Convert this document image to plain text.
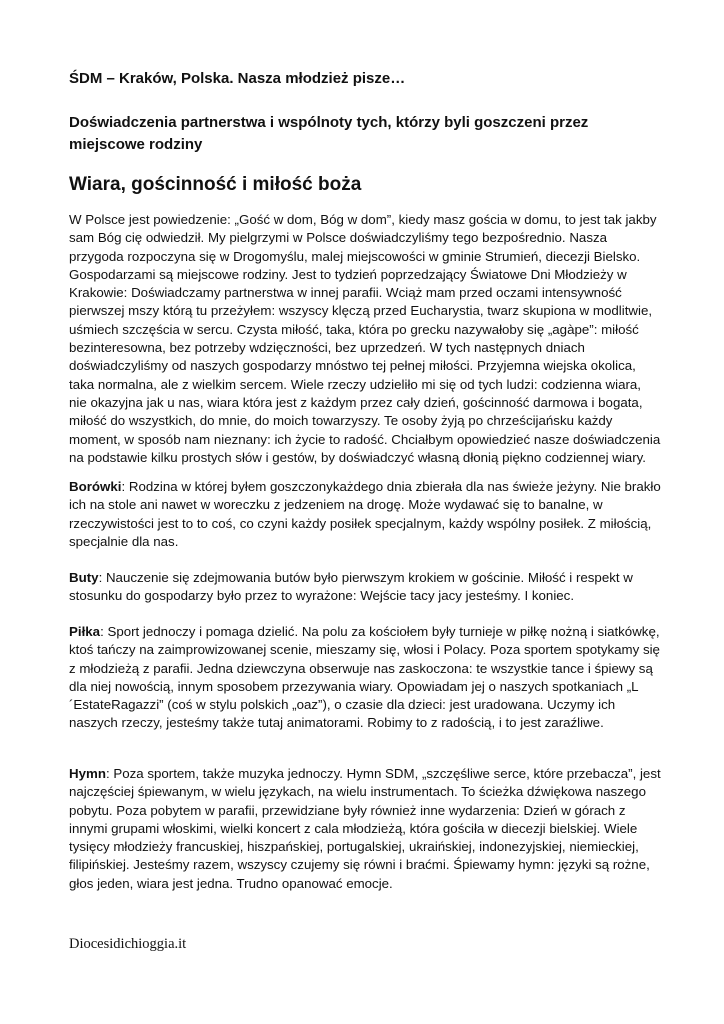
ŚDM – Kraków, Polska. Nasza młodzież pisze…

Doświadczenia partnerstwa i wspólnoty tych, którzy byli goszczeni przez miejscowe rodziny

Wiara, gościnność i miłość boża

W Polsce jest powiedzenie: „Gość w dom, Bóg w dom”, kiedy masz gościa w domu, to jest tak jakby sam Bóg cię odwiedził. My pielgrzymi w Polsce doświadczyliśmy tego bezpośrednio. Nasza przygoda rozpoczyna się w Drogomyślu, malej miejscowości w gminie Strumień, diecezji Bielsko. Gospodarzami są miejscowe rodziny. Jest to tydzień poprzedzający Światowe Dni Młodzieży w Krakowie: Doświadczamy partnerstwa w innej parafii. Wciąż mam przed oczami intensywność pierwszej mszy którą tu przeżyłem: wszyscy klęczą przed Eucharystia, twarz skupiona w modlitwie, uśmiech szczęścia w sercu. Czysta miłość, taka, która po grecku nazywałoby się „agàpe”: miłość bezinteresowna, bez potrzeby wdzięczności, bez uprzedzeń. W tych następnych dniach doświadczyliśmy od naszych gospodarzy mnóstwo tej pełnej miłości. Przyjemna wiejska okolica, taka normalna, ale z wielkim sercem. Wiele rzeczy udzieliło mi się od tych ludzi: codzienna wiara, nie okazyjna jak u nas, wiara która jest z każdym przez cały dzień, gościnność darmowa i bogata, miłość do wszystkich, do mnie, do moich towarzyszy. Te osoby żyją po chrześcijańsku każdy moment, w sposób nam nieznany: ich życie to radość. Chciałbym opowiedzieć nasze doświadczenia na podstawie kilku prostych słów i gestów, by doświadczyć własną dłonią piękno codziennej wiary.

Borówki: Rodzina w której byłem goszczonykażdego dnia zbierała dla nas świeże jeżyny. Nie brakło ich na stole ani nawet w woreczku z jedzeniem na drogę. Może wydawać się to banalne, w rzeczywistości jest to to coś, co czyni każdy posiłek specjalnym, każdy wspólny posiłek. Z miłością, specjalnie dla nas.

Buty: Nauczenie się zdejmowania butów było pierwszym krokiem w gościnie. Miłość i respekt w stosunku do gospodarzy było przez to wyrażone: Wejście tacy jacy jesteśmy. I koniec.

Piłka: Sport jednoczy i pomaga dzielić. Na polu za kościołem były turnieje w piłkę nożną i siatkówkę, ktoś tańczy na zaimprowizowanej scenie, mieszamy się, włosi i Polacy. Poza sportem spotykamy się z młodzieżą z parafii. Jedna dziewczyna obserwuje nas zaskoczona: te wszystkie tance i śpiewy są dla niej nowością, innym sposobem przezywania wiary. Opowiadam jej o naszych spotkaniach „L´EstateRagazzi” (coś w stylu polskich „oaz”), o czasie dla dzieci: jest uradowana. Uczymy ich naszych rzeczy, jesteśmy także tutaj animatorami. Robimy to z radością, i to jest zaraźliwe.

Hymn: Poza sportem, także muzyka jednoczy. Hymn SDM, „szczęśliwe serce, które przebacza”, jest najczęściej śpiewanym, w wielu językach, na wielu instrumentach. To ścieżka dźwiękowa naszego pobytu. Poza pobytem w parafii, przewidziane były również inne wydarzenia: Dzień w górach z innymi grupami włoskimi, wielki koncert z cala młodzieżą, która gościła w diecezji bielskiej. Wiele tysięcy młodzieży francuskiej, hiszpańskiej, portugalskiej, ukraińskiej, indonezyjskiej, niemieckiej, filipińskiej. Jesteśmy razem, wszyscy czujemy się równi i braćmi. Śpiewamy hymn: języki są rożne, głos jeden, wiara jest jedna. Trudno opanować emocje.

Diocesidichioggia.it
